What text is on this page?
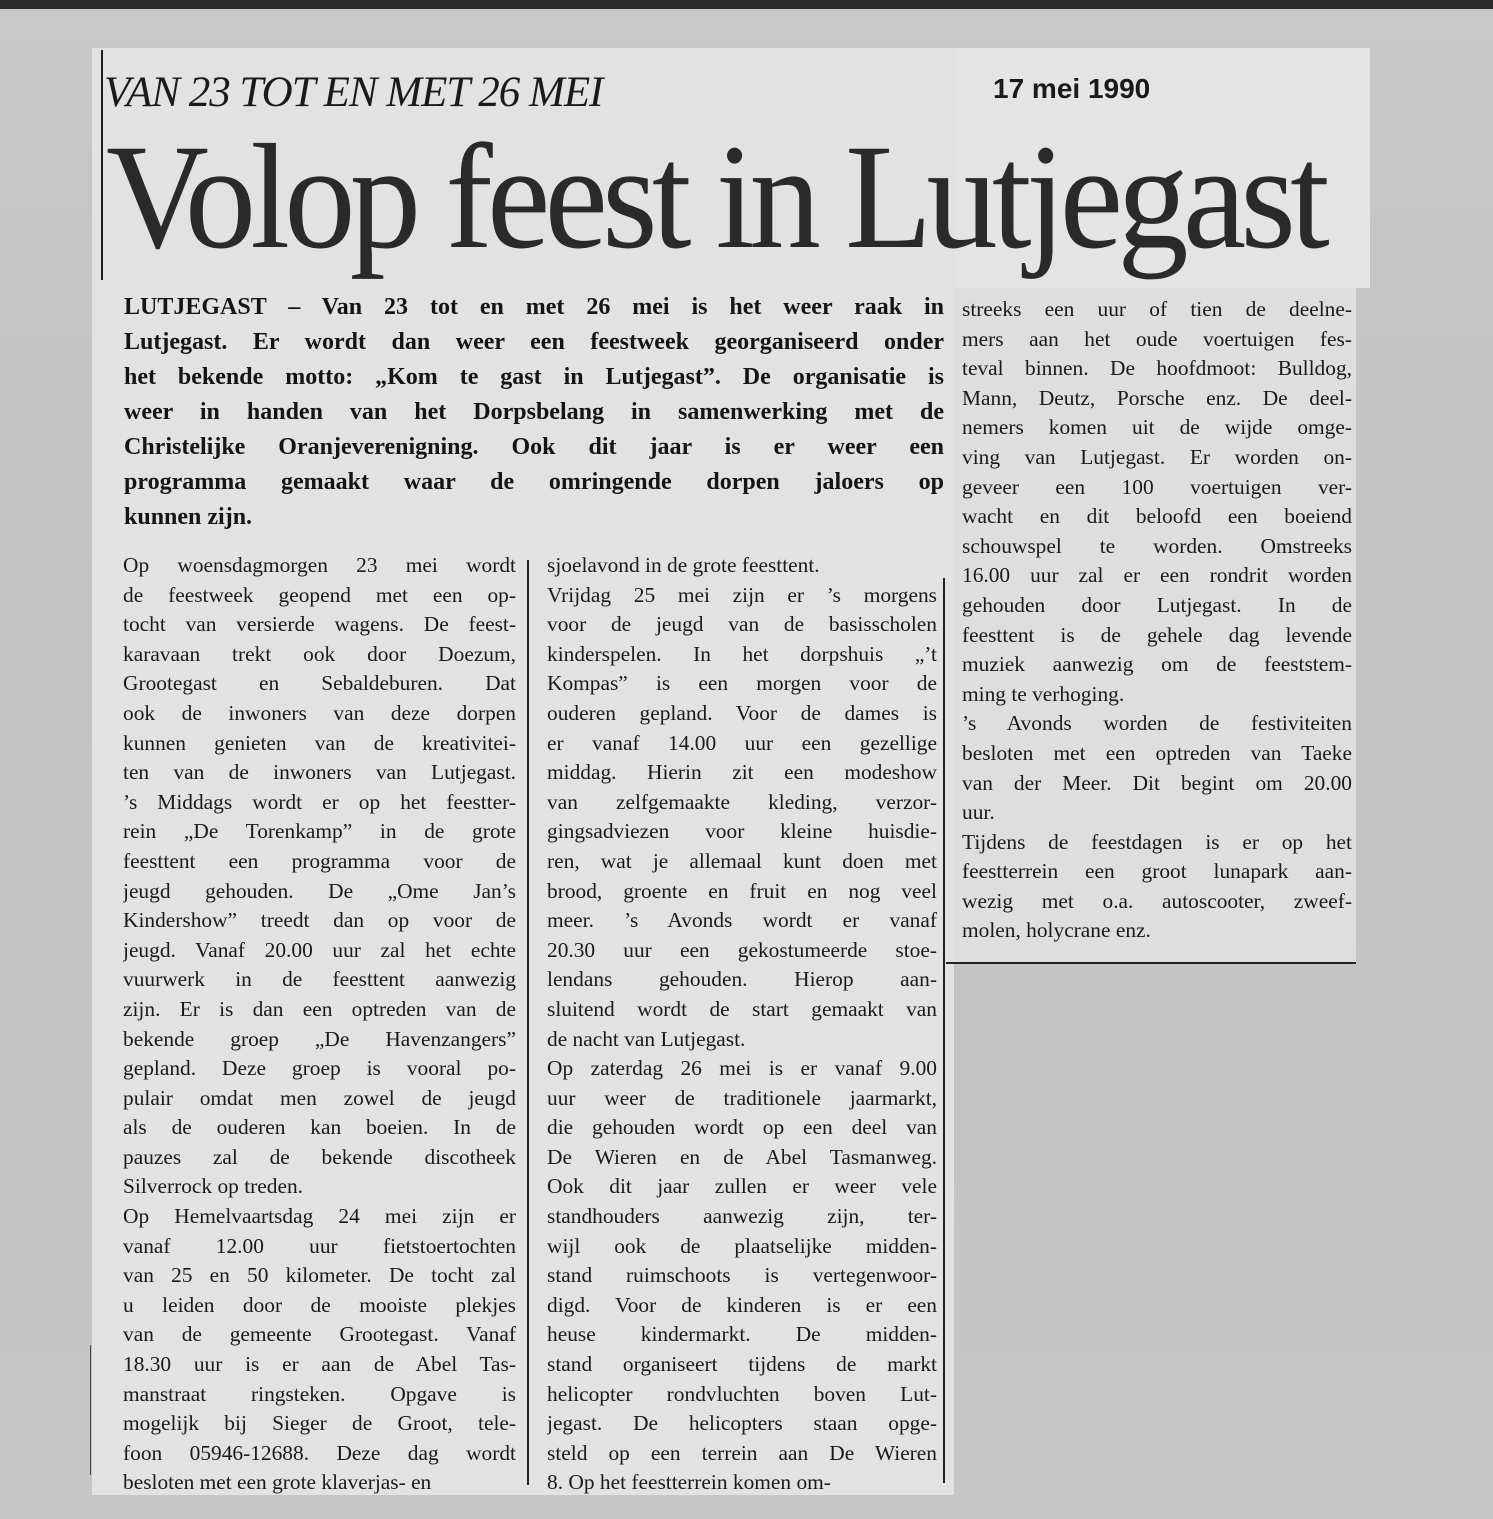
VAN 23 TOT EN MET 26 MEI	17 mei 1990
Volop feest in Lutjegast
LUTJEGAST – Van 23 tot en met 26 mei is het weer raak in
Lutjegast. Er wordt dan weer een feestweek georganiseerd onder
het bekende motto: „Kom te gast in Lutjegast”. De organisatie is
weer in handen van het Dorpsbelang in samenwerking met de
Christelijke Oranjeverenigning. Ook dit jaar is er weer een
programma gemaakt waar de omringende dorpen jaloers op
kunnen zijn.
Op woensdagmorgen 23 mei wordt
de feestweek geopend met een op-
tocht van versierde wagens. De feest-
karavaan trekt ook door Doezum,
Grootegast en Sebaldeburen. Dat
ook de inwoners van deze dorpen
kunnen genieten van de kreativitei-
ten van de inwoners van Lutjegast.
’s Middags wordt er op het feestter-
rein „De Torenkamp” in de grote
feesttent een programma voor de
jeugd gehouden. De „Ome Jan’s
Kindershow” treedt dan op voor de
jeugd. Vanaf 20.00 uur zal het echte
vuurwerk in de feesttent aanwezig
zijn. Er is dan een optreden van de
bekende groep „De Havenzangers”
gepland. Deze groep is vooral po-
pulair omdat men zowel de jeugd
als de ouderen kan boeien. In de
pauzes zal de bekende discotheek
Silverrock op treden.
Op Hemelvaartsdag 24 mei zijn er
vanaf 12.00 uur fietstoertochten
van 25 en 50 kilometer. De tocht zal
u leiden door de mooiste plekjes
van de gemeente Grootegast. Vanaf
18.30 uur is er aan de Abel Tas-
manstraat ringsteken. Opgave is
mogelijk bij Sieger de Groot, tele-
foon 05946-12688. Deze dag wordt
besloten met een grote klaverjas- en
sjoelavond in de grote feesttent.
Vrijdag 25 mei zijn er ’s morgens
voor de jeugd van de basisscholen
kinderspelen. In het dorpshuis „’t
Kompas” is een morgen voor de
ouderen gepland. Voor de dames is
er vanaf 14.00 uur een gezellige
middag. Hierin zit een modeshow
van zelfgemaakte kleding, verzor-
gingsadviezen voor kleine huisdie-
ren, wat je allemaal kunt doen met
brood, groente en fruit en nog veel
meer. ’s Avonds wordt er vanaf
20.30 uur een gekostumeerde stoe-
lendans gehouden. Hierop aan-
sluitend wordt de start gemaakt van
de nacht van Lutjegast.
Op zaterdag 26 mei is er vanaf 9.00
uur weer de traditionele jaarmarkt,
die gehouden wordt op een deel van
De Wieren en de Abel Tasmanweg.
Ook dit jaar zullen er weer vele
standhouders aanwezig zijn, ter-
wijl ook de plaatselijke midden-
stand ruimschoots is vertegenwoor-
digd. Voor de kinderen is er een
heuse kindermarkt. De midden-
stand organiseert tijdens de markt
helicopter rondvluchten boven Lut-
jegast. De helicopters staan opge-
steld op een terrein aan De Wieren
8. Op het feestterrein komen om-
streeks een uur of tien de deelne-
mers aan het oude voertuigen fes-
teval binnen. De hoofdmoot: Bulldog,
Mann, Deutz, Porsche enz. De deel-
nemers komen uit de wijde omge-
ving van Lutjegast. Er worden on-
geveer een 100 voertuigen ver-
wacht en dit beloofd een boeiend
schouwspel te worden. Omstreeks
16.00 uur zal er een rondrit worden
gehouden door Lutjegast. In de
feesttent is de gehele dag levende
muziek aanwezig om de feeststem-
ming te verhoging.
’s Avonds worden de festiviteiten
besloten met een optreden van Taeke
van der Meer. Dit begint om 20.00
uur.
Tijdens de feestdagen is er op het
feestterrein een groot lunapark aan-
wezig met o.a. autoscooter, zweef-
molen, holycrane enz.
